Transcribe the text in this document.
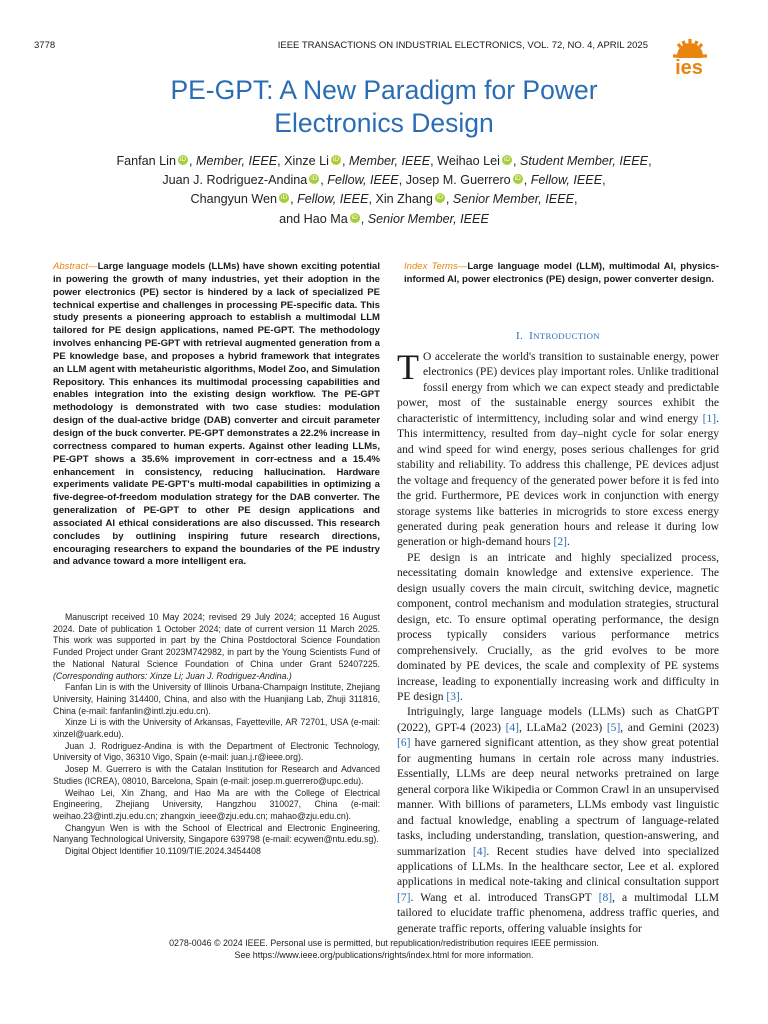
3778	IEEE TRANSACTIONS ON INDUSTRIAL ELECTRONICS, VOL. 72, NO. 4, APRIL 2025
ies
PE-GPT: A New Paradigm for Power
Electronics Design
Fanfan Lin iD , Member, IEEE, Xinze Li iD , Member, IEEE, Weihao Lei iD , Student Member, IEEE,
Juan J. Rodriguez-Andina iD , Fellow, IEEE, Josep M. Guerrero iD , Fellow, IEEE,
Changyun Wen iD , Fellow, IEEE, Xin Zhang iD , Senior Member, IEEE,
and Hao Ma iD , Senior Member, IEEE
Abstract—Large language models (LLMs) have shown exciting potential in powering the growth of many industries, yet their adoption in the power electronics (PE) sector is hindered by a lack of specialized PE technical expertise and challenges in processing PE-specific data. This study presents a pioneering approach to establish a multimodal LLM tailored for PE design applications, named PE-GPT. The methodology involves enhancing PE-GPT with retrieval augmented generation from a PE knowledge base, and proposes a hybrid framework that integrates an LLM agent with metaheuristic algorithms, Model Zoo, and Simulation Repository. This enhances its multimodal processing capabilities and enables integration into the existing design workflow. The PE-GPT methodology is demonstrated with two case studies: modulation design of the dual-active bridge (DAB) converter and circuit parameter design of the buck converter. PE-GPT demonstrates a 22.2% increase in correctness compared to human experts. Against other leading LLMs, PE-GPT shows a 35.6% improvement in corr-ectness and a 15.4% enhancement in consistency, reducing hallucination. Hardware experiments validate PE-GPT's multi-modal capabilities in optimizing a five-degree-of-freedom modulation strategy for the DAB converter. The generalization of PE-GPT to other PE design applications and associated AI ethical considerations are also discussed. This research concludes by outlining inspiring future research directions, encouraging researchers to expand the boundaries of the PE industry and advance toward a more intelligent era.

Manuscript received 10 May 2024; revised 29 July 2024; accepted 16 August 2024. Date of publication 1 October 2024; date of current version 11 March 2025. This work was supported in part by the China Postdoctoral Science Foundation Funded Project under Grant 2023M742982, in part by the Young Scientists Fund of the National Natural Science Foundation of China under Grant 52407225. (Corresponding authors: Xinze Li; Juan J. Rodriguez-Andina.)

Fanfan Lin is with the University of Illinois Urbana-Champaign Institute, Zhejiang University, Haining 314400, China, and also with the Huanjiang Lab, Zhuji 311816, China (e-mail: fanfanlin@intl.zju.edu.cn).

Xinze Li is with the University of Arkansas, Fayetteville, AR 72701, USA (e-mail: xinzel@uark.edu).

Juan J. Rodriguez-Andina is with the Department of Electronic Technology, University of Vigo, 36310 Vigo, Spain (e-mail: juan.j.r@ieee.org).

Josep M. Guerrero is with the Catalan Institution for Research and Advanced Studies (ICREA), 08010, Barcelona, Spain (e-mail: josep.m.guerrero@upc.edu).

Weihao Lei, Xin Zhang, and Hao Ma are with the College of Electrical Engineering, Zhejiang University, Hangzhou 310027, China (e-mail: weihao.23@intl.zju.edu.cn; zhangxin_ieee@zju.edu.cn; mahao@zju.edu.cn).

Changyun Wen is with the School of Electrical and Electronic Engineering, Nanyang Technological University, Singapore 639798 (e-mail: ecywen@ntu.edu.sg).

Digital Object Identifier 10.1109/TIE.2024.3454408

Index Terms—Large language model (LLM), multimodal AI, physics-informed AI, power electronics (PE) design, power converter design.
I. INTRODUCTION

T O accelerate the world's transition to sustainable energy, power electronics (PE) devices play important roles. Unlike traditional fossil energy from which we can expect steady and predictable power, most of the sustainable energy sources exhibit the characteristic of intermittency, including solar and wind energy [1]. This intermittency, resulted from day–night cycle for solar energy and wind speed for wind energy, poses serious challenges for grid stability and reliability. To address this challenge, PE devices adjust the voltage and frequency of the generated power before it is fed into the grid. Furthermore, PE devices work in conjunction with energy storage systems like batteries in microgrids to store excess energy generated during peak generation hours and release it during low generation or high-demand hours [2].

PE design is an intricate and highly specialized process, necessitating domain knowledge and extensive experience. The design usually covers the main circuit, switching device, magnetic component, control mechanism and modulation strategies, structural design, etc. To ensure optimal operating performance, the design process typically considers various performance metrics comprehensively. Crucially, as the grid evolves to be more dominated by PE devices, the scale and complexity of PE systems increase, leading to exponentially increasing work and difficulty in PE design [3].

Intriguingly, large language models (LLMs) such as ChatGPT (2022), GPT-4 (2023) [4], LLaMa2 (2023) [5], and Gemini (2023) [6] have garnered significant attention, as they show great potential for augmenting humans in certain role across many industries. Essentially, LLMs are deep neural networks pretrained on large general corpora like Wikipedia or Common Crawl in an unsupervised manner. With billions of parameters, LLMs embody vast linguistic and factual knowledge, enabling a spectrum of language-related tasks, including understanding, translation, question-answering, and summarization [4]. Recent studies have delved into specialized applications of LLMs. In the healthcare sector, Lee et al. explored applications in medical note-taking and clinical consultation support [7]. Wang et al. introduced TransGPT [8], a multimodal LLM tailored to elucidate traffic phenomena, address traffic queries, and generate traffic reports, offering valuable insights for

0278-0046 © 2024 IEEE. Personal use is permitted, but republication/redistribution requires IEEE permission.
See https://www.ieee.org/publications/rights/index.html for more information.
